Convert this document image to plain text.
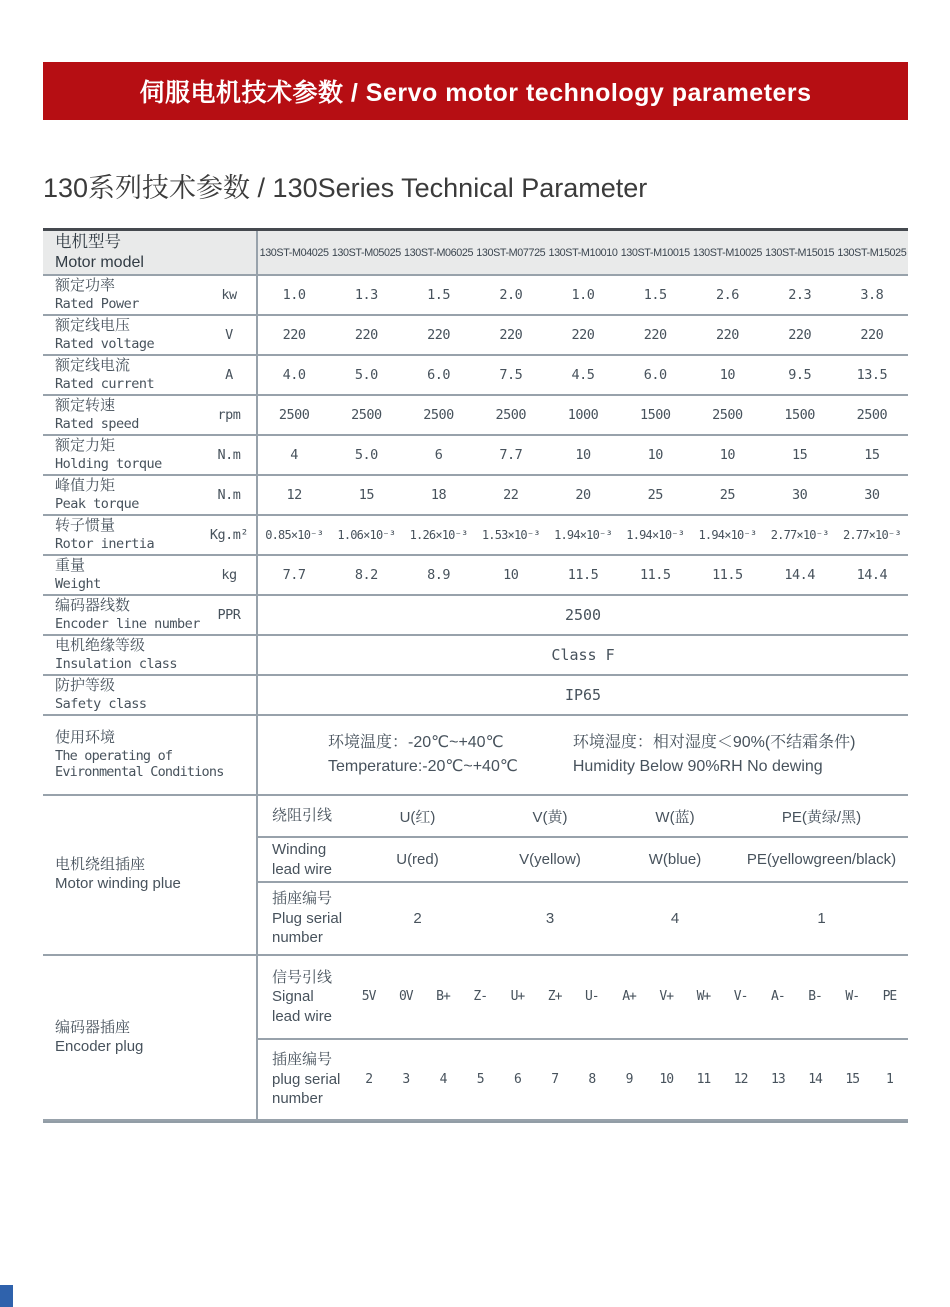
伺服电机技术参数 / Servo motor technology parameters
130系列技术参数 / 130Series Technical Parameter
电机型号
Motor model
130ST-M04025 130ST-M05025 130ST-M06025 130ST-M07725 130ST-M10010 130ST-M10015 130ST-M10025 130ST-M15015 130ST-M15025
额定功率
Rated Power
kw	1.0	1.3	1.5	2.0	1.0	1.5	2.6	2.3	3.8
额定线电压
Rated voltage
V	220	220	220	220	220	220	220	220	220
额定线电流
Rated current
A	4.0	5.0	6.0	7.5	4.5	6.0	10	9.5	13.5
额定转速
Rated speed
rpm	2500	2500	2500	2500	1000	1500	2500	1500	2500
额定力矩
Holding torque
N.m	4	5.0	6	7.7	10	10	10	15	15
峰值力矩
Peak torque
N.m	12	15	18	22	20	25	25	30	30
转子惯量
Rotor inertia
Kg.m²	0.85×10⁻³	1.06×10⁻³	1.26×10⁻³	1.53×10⁻³	1.94×10⁻³	1.94×10⁻³	1.94×10⁻³	2.77×10⁻³	2.77×10⁻³
重量
Weight
kg	7.7	8.2	8.9	10	11.5	11.5	11.5	14.4	14.4
编码器线数
Encoder line number
PPR	2500
电机绝缘等级
Insulation class	Class F
防护等级
Safety class	IP65
使用环境
The operating of
Evironmental Conditions
环境温度：-20℃~+40℃
Temperature:-20℃~+40℃
环境湿度：相对湿度＜90%(不结霜条件)
Humidity Below 90%RH No dewing
电机绕组插座
Motor winding plue
绕阻引线	U(红)	V(黄)	W(蓝)	PE(黄绿/黑)
Winding
lead wire
U(red)	V(yellow)	W(blue)	PE(yellowgreen/black)
插座编号
Plug serial
number
2	3	4	1
编码器插座
Encoder plug
信号引线
Signal
lead wire
5V	0V	B+	Z-	U+	Z+	U-	A+	V+	W+	V-	A-	B-	W-	PE
插座编号
plug serial
number
2	3	4	5	6	7	8	9	10	11	12	13	14	15	1
